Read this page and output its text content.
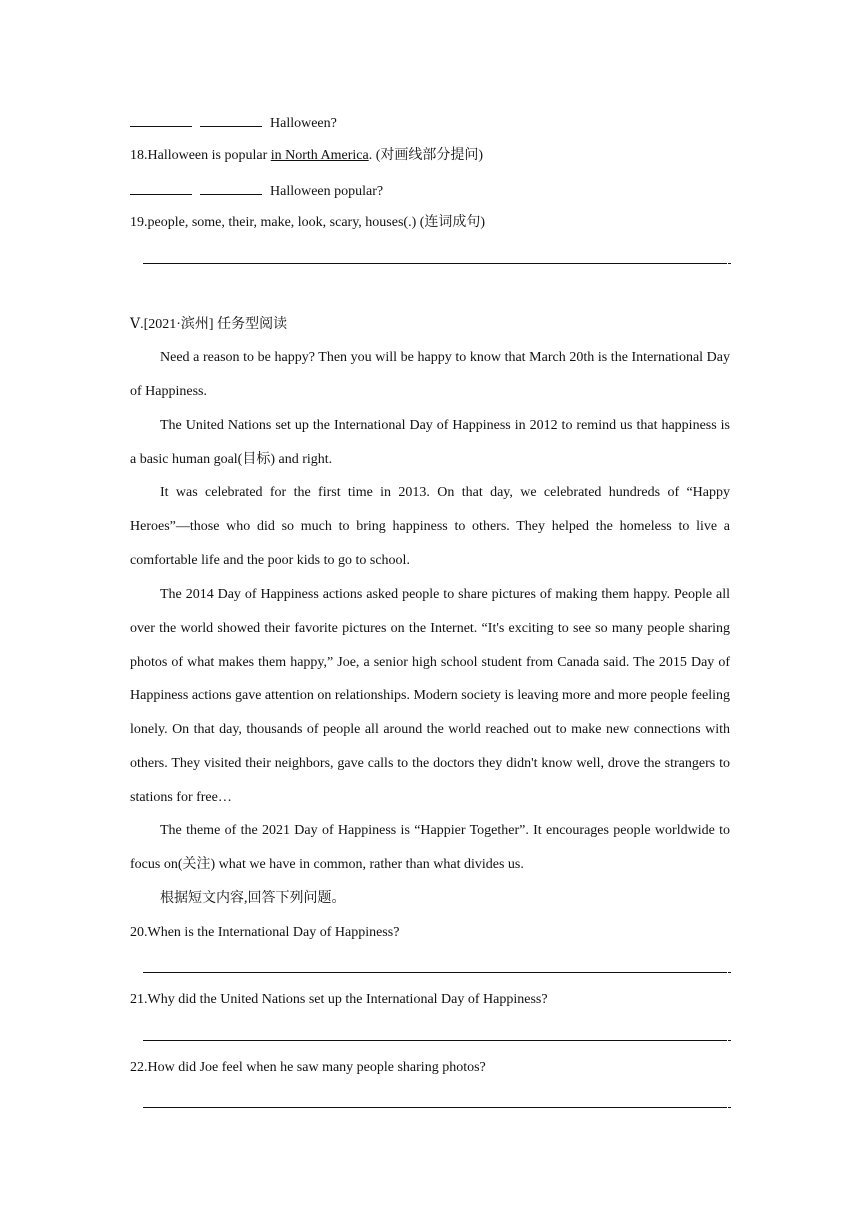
Halloween?
18.Halloween is popular in North America. (对画线部分提问)
Halloween popular?
19.people, some, their, make, look, scary, houses(.) (连词成句)
Ⅴ.[2021·滨州] 任务型阅读
Need a reason to be happy? Then you will be happy to know that March 20th is the International Day of Happiness.
The United Nations set up the International Day of Happiness in 2012 to remind us that happiness is a basic human goal(目标) and right.
It was celebrated for the first time in 2013. On that day, we celebrated hundreds of “Happy Heroes”—those who did so much to bring happiness to others. They helped the homeless to live a comfortable life and the poor kids to go to school.
The 2014 Day of Happiness actions asked people to share pictures of making them happy. People all over the world showed their favorite pictures on the Internet. “It's exciting to see so many people sharing photos of what makes them happy,” Joe, a senior high school student from Canada said. The 2015 Day of Happiness actions gave attention on relationships. Modern society is leaving more and more people feeling lonely. On that day, thousands of people all around the world reached out to make new connections with others. They visited their neighbors, gave calls to the doctors they didn't know well, drove the strangers to stations for free…
The theme of the 2021 Day of Happiness is “Happier Together”. It encourages people worldwide to focus on(关注) what we have in common, rather than what divides us.
根据短文内容,回答下列问题。
20.When is the International Day of Happiness?
21.Why did the United Nations set up the International Day of Happiness?
22.How did Joe feel when he saw many people sharing photos?
